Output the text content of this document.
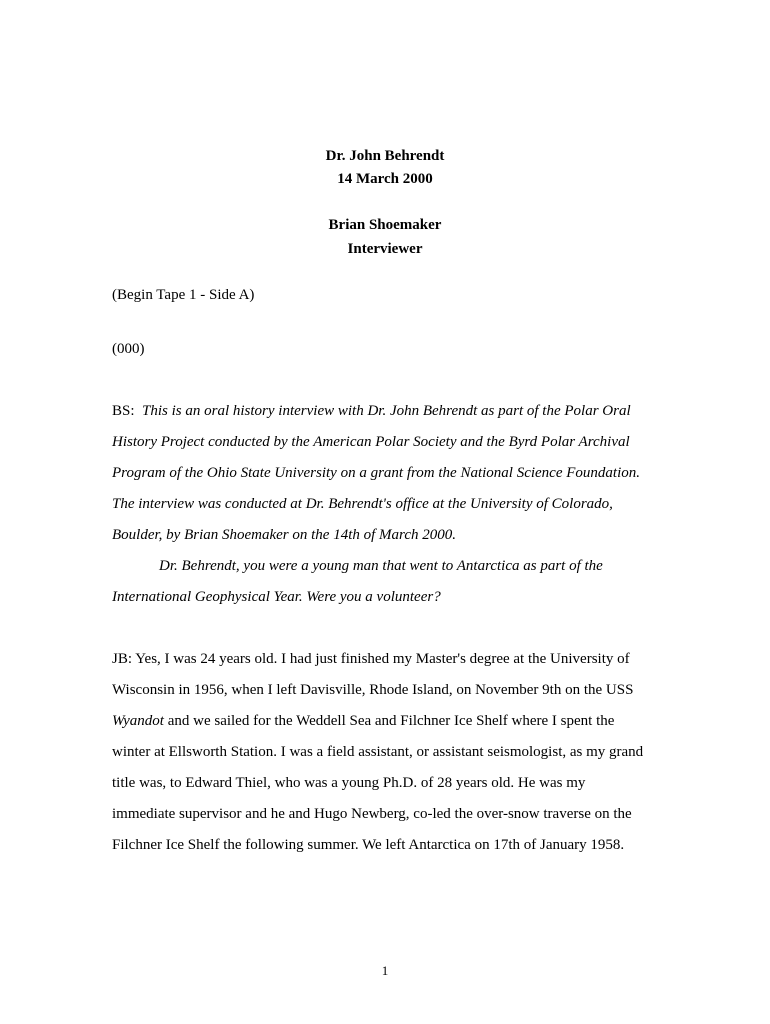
Dr. John Behrendt
14 March 2000
Brian Shoemaker
Interviewer
(Begin Tape 1 - Side A)
(000)
BS: This is an oral history interview with Dr. John Behrendt as part of the Polar Oral
History Project conducted by the American Polar Society and the Byrd Polar Archival
Program of the Ohio State University on a grant from the National Science Foundation.
The interview was conducted at Dr. Behrendt's office at the University of Colorado,
Boulder, by Brian Shoemaker on the 14th of March 2000.
Dr. Behrendt, you were a young man that went to Antarctica as part of the
International Geophysical Year. Were you a volunteer?
JB: Yes, I was 24 years old. I had just finished my Master's degree at the University of
Wisconsin in 1956, when I left Davisville, Rhode Island, on November 9th on the USS
Wyandot and we sailed for the Weddell Sea and Filchner Ice Shelf where I spent the
winter at Ellsworth Station. I was a field assistant, or assistant seismologist, as my grand
title was, to Edward Thiel, who was a young Ph.D. of 28 years old. He was my
immediate supervisor and he and Hugo Newberg, co-led the over-snow traverse on the
Filchner Ice Shelf the following summer. We left Antarctica on 17th of January 1958.
1
